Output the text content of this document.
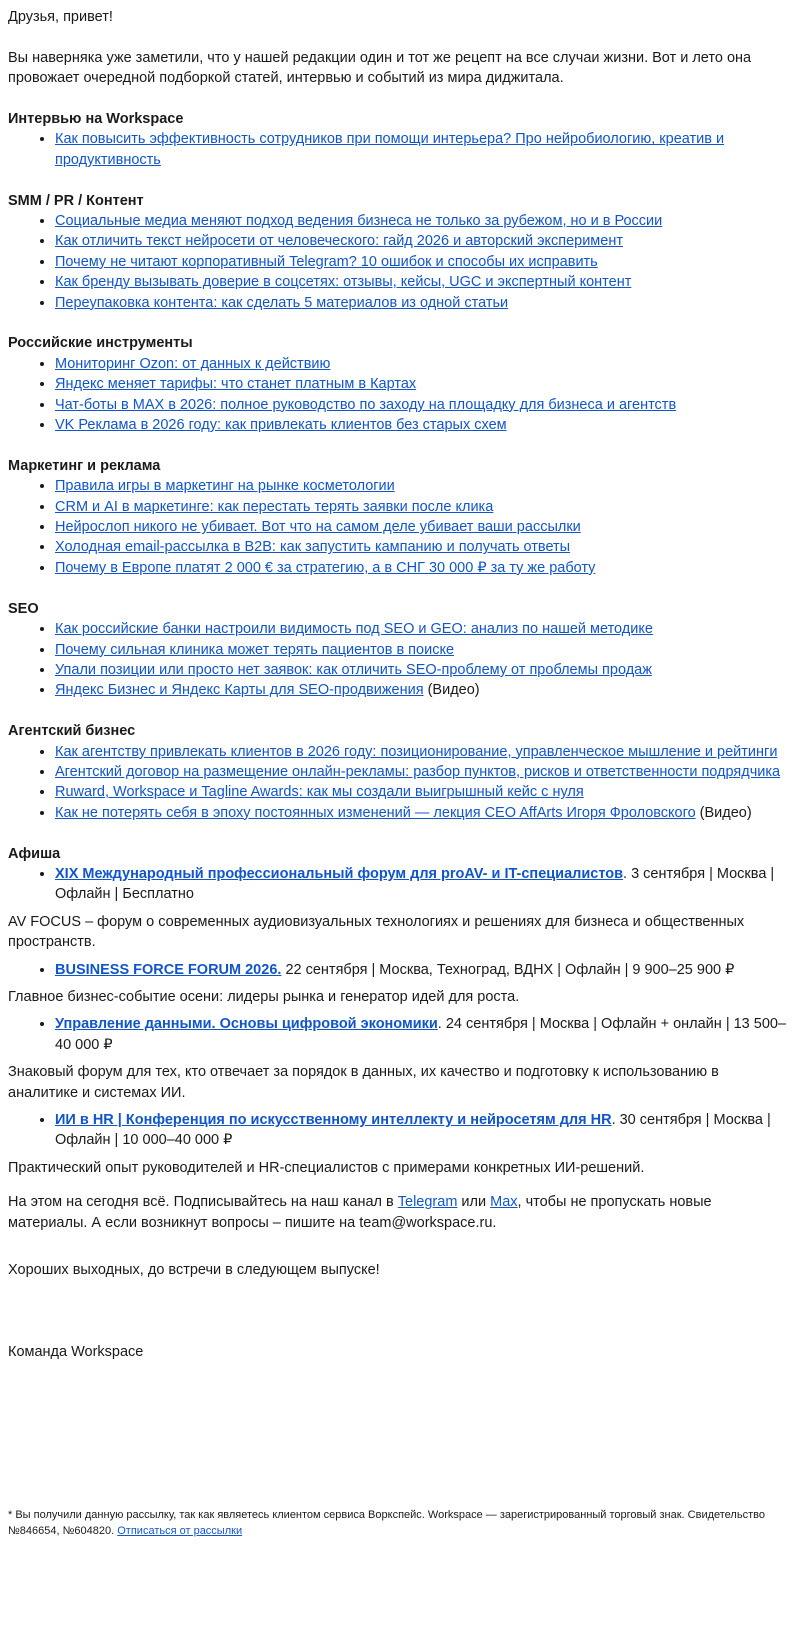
Друзья, привет!

Вы наверняка уже заметили, что у нашей редакции один и тот же рецепт на все случаи жизни. Вот и лето она провожает очередной подборкой статей, интервью и событий из мира диджитала.

Интервью на Workspace

• Как повысить эффективность сотрудников при помощи интерьера? Про нейробиологию, креатив и продуктивность

SMM / PR / Контент

• Социальные медиа меняют подход ведения бизнеса не только за рубежом, но и в России
• Как отличить текст нейросети от человеческого: гайд 2026 и авторский эксперимент
• Почему не читают корпоративный Telegram? 10 ошибок и способы их исправить
• Как бренду вызывать доверие в соцсетях: отзывы, кейсы, UGC и экспертный контент
• Переупаковка контента: как сделать 5 материалов из одной статьи

Российские инструменты

• Мониторинг Ozon: от данных к действию
• Яндекс меняет тарифы: что станет платным в Картах
• Чат-боты в MAX в 2026: полное руководство по заходу на площадку для бизнеса и агентств
• VK Реклама в 2026 году: как привлекать клиентов без старых схем

Маркетинг и реклама

• Правила игры в маркетинг на рынке косметологии
• CRM и AI в маркетинге: как перестать терять заявки после клика
• Нейрослоп никого не убивает. Вот что на самом деле убивает ваши рассылки
• Холодная email-рассылка в B2B: как запустить кампанию и получать ответы
• Почему в Европе платят 2 000 € за стратегию, а в СНГ 30 000 ₽ за ту же работу

SEO

• Как российские банки настроили видимость под SEO и GEO: анализ по нашей методике
• Почему сильная клиника может терять пациентов в поиске
• Упали позиции или просто нет заявок: как отличить SEO-проблему от проблемы продаж
• Яндекс Бизнес и Яндекс Карты для SEO-продвижения (Видео)

Агентский бизнес

• Как агентству привлекать клиентов в 2026 году: позиционирование, управленческое мышление и рейтинги
• Агентский договор на размещение онлайн-рекламы: разбор пунктов, рисков и ответственности подрядчика
• Ruward, Workspace и Tagline Awards: как мы создали выигрышный кейс с нуля
• Как не потерять себя в эпоху постоянных изменений — лекция CEO AffArts Игоря Фроловского (Видео)

Афиша

• XIX Международный профессиональный форум для proAV- и IT-специалистов. 3 сентября | Москва | Офлайн | Бесплатно

AV FOCUS – форум о современных аудиовизуальных технологиях и решениях для бизнеса и общественных пространств.

• BUSINESS FORCE FORUM 2026. 22 сентября | Москва, Техноград, ВДНХ | Офлайн | 9 900–25 900 ₽

Главное бизнес-событие осени: лидеры рынка и генератор идей для роста.

• Управление данными. Основы цифровой экономики. 24 сентября | Москва | Офлайн + онлайн | 13 500–40 000 ₽

Знаковый форум для тех, кто отвечает за порядок в данных, их качество и подготовку к использованию в аналитике и системах ИИ.

• ИИ в HR | Конференция по искусственному интеллекту и нейросетям для HR. 30 сентября | Москва | Офлайн | 10 000–40 000 ₽

Практический опыт руководителей и HR-специалистов с примерами конкретных ИИ-решений.

На этом на сегодня всё. Подписывайтесь на наш канал в Telegram или Max, чтобы не пропускать новые материалы. А если возникнут вопросы – пишите на team@workspace.ru.

Хороших выходных, до встречи в следующем выпуске!

Команда Workspace

* Вы получили данную рассылку, так как являетесь клиентом сервиса Воркспейс. Workspace — зарегистрированный торговый знак. Свидетельство №846654, №604820. Отписаться от рассылки
